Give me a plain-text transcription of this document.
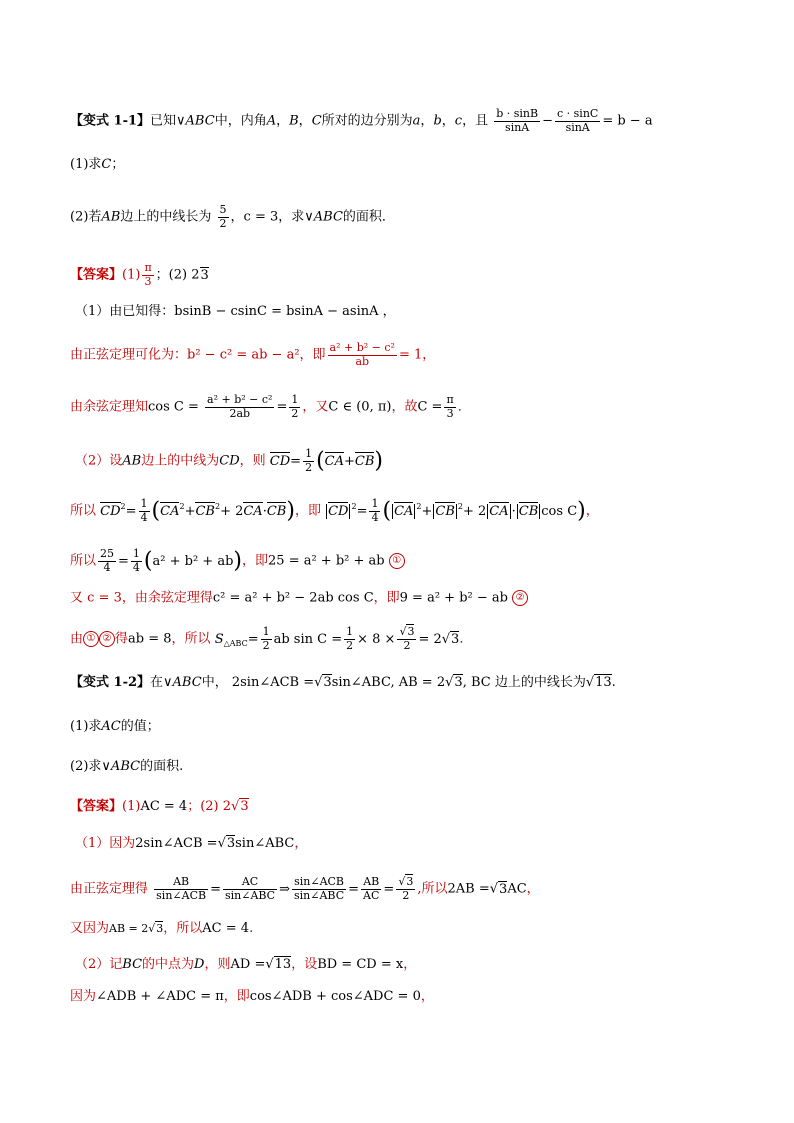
【变式 1-1】已知∨ABC中，内角A，B，C所对的边分别为a，b，c，且 $\frac{b \cdot \sin B}{\sin A} - \frac{c \cdot \sin C}{\sin A} = b - a$
(1)求C；
(2)若AB边上的中线长为 $\frac{5}{2}$ ，c = 3，求∨ABC的面积．
【答案】$(1) \frac{\pi}{3}$ ；(2) 23
（1）由已知得：bsinB − csinC = bsinA − asinA ，
由正弦定理可化为：b² − c² = ab − a²，即 $\frac{\text{a² + b² − c²}}{ab} = 1$，
由余弦定理知$\cos C = \frac{\text{a² + b² − c²}}{2ab} = \frac{1}{2}$ ，又C ∈ (0, π)，故$C = \frac{\pi}{3}$ ．
（2）设AB边上的中线为CD，则 $CD= \frac{1}{2} (CA+CB)$
所以 $CD^2= \frac{1}{4} (CA^2+CB^2+ 2CA\cdot CB)$，即 CD $^2= \frac{1}{4}$ ( CA $^2$+ CB $^2$+ 2 CA · CB cos C)，
所以 $\frac{25}{4} = \frac{1}{4} (a^2 + b^2 + ab)$，即25 = a² + b² + ab ①
又 c = 3，由余弦定理得c² = a² + b² − 2ab cos C，即9 = a² + b² − ab ②
由 ① ② 得ab = 8，所以 $S_{\triangle ABC}= \frac{1}{2}$ ab $\sin C = \frac{1}{2} \times 8 \times \frac{√3}{2} = 2√3$．
【变式 1-2】在∨ABC中， 2sin∠ACB =√3sin∠ABC, AB = 2√3, BC 边上的中线长为√13.
(1)求AC的值；
(2)求∨ABC的面积.
【答案】(1)AC = 4；(2) 2√3
（1）因为2sin∠ACB =√3sin∠ABC，
由正弦定理得 $\frac{AB}{\text{sin∠ACB}} = \frac{AC}{\text{sin∠ABC}}$ ⇒ $\frac{\text{sin∠ACB}}{\text{sin∠ABC}} = \frac{AB}{AC} = \frac{√3}{2}$ ,所以2AB =√3AC，
又因为AB = 2√3，所以AC = 4.
（2）记BC的中点为D，则AD =√13，设BD = CD = x，
因为∠ADB + ∠ADC = π，即cos∠ADB + cos∠ADC = 0，
